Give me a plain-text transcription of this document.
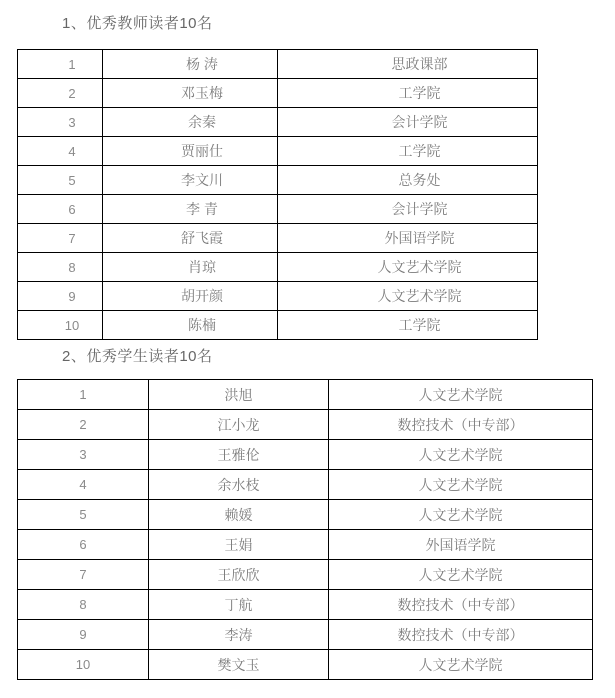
1、优秀教师读者10名
1	杨 涛	思政课部
2	邓玉梅	工学院
3	余秦	会计学院
4	贾丽仕	工学院
5	李文川	总务处
6	李 青	会计学院
7	舒飞霞	外国语学院
8	肖琼	人文艺术学院
9	胡开颜	人文艺术学院
10	陈楠	工学院
2、优秀学生读者10名
1	洪旭	人文艺术学院
2	江小龙	数控技术（中专部）
3	王雅伦	人文艺术学院
4	余水枝	人文艺术学院
5	赖媛	人文艺术学院
6	王娟	外国语学院
7	王欣欣	人文艺术学院
8	丁航	数控技术（中专部）
9	李涛	数控技术（中专部）
10	樊文玉	人文艺术学院
